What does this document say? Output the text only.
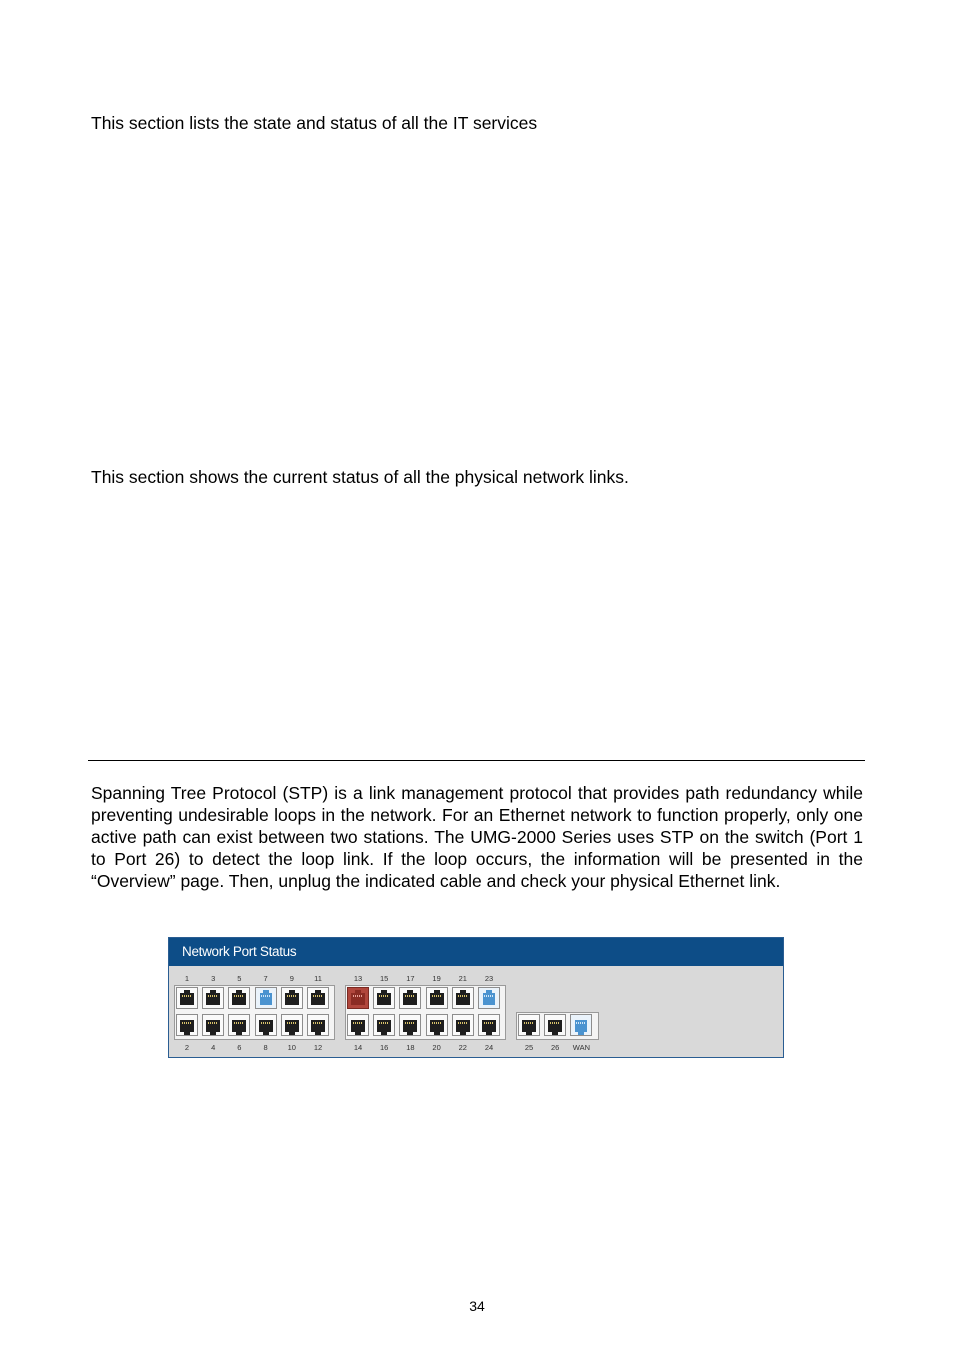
This section lists the state and status of all the IT services

This section shows the current status of all the physical network links.

Spanning Tree Protocol (STP) is a link management protocol that provides path redundancy while preventing undesirable loops in the network. For an Ethernet network to function properly, only one active path can exist between two stations. The UMG-2000 Series uses STP on the switch (Port 1 to Port 26) to detect the loop link. If the loop occurs, the information will be presented in the “Overview” page. Then, unplug the indicated cable and check your physical Ethernet link.

Network Port Status
1
2
3
4
5
6
7
8
9
10
11
12
13
14
15
16
17
18
19
20
21
22
23
24	25	26	WAN
34
